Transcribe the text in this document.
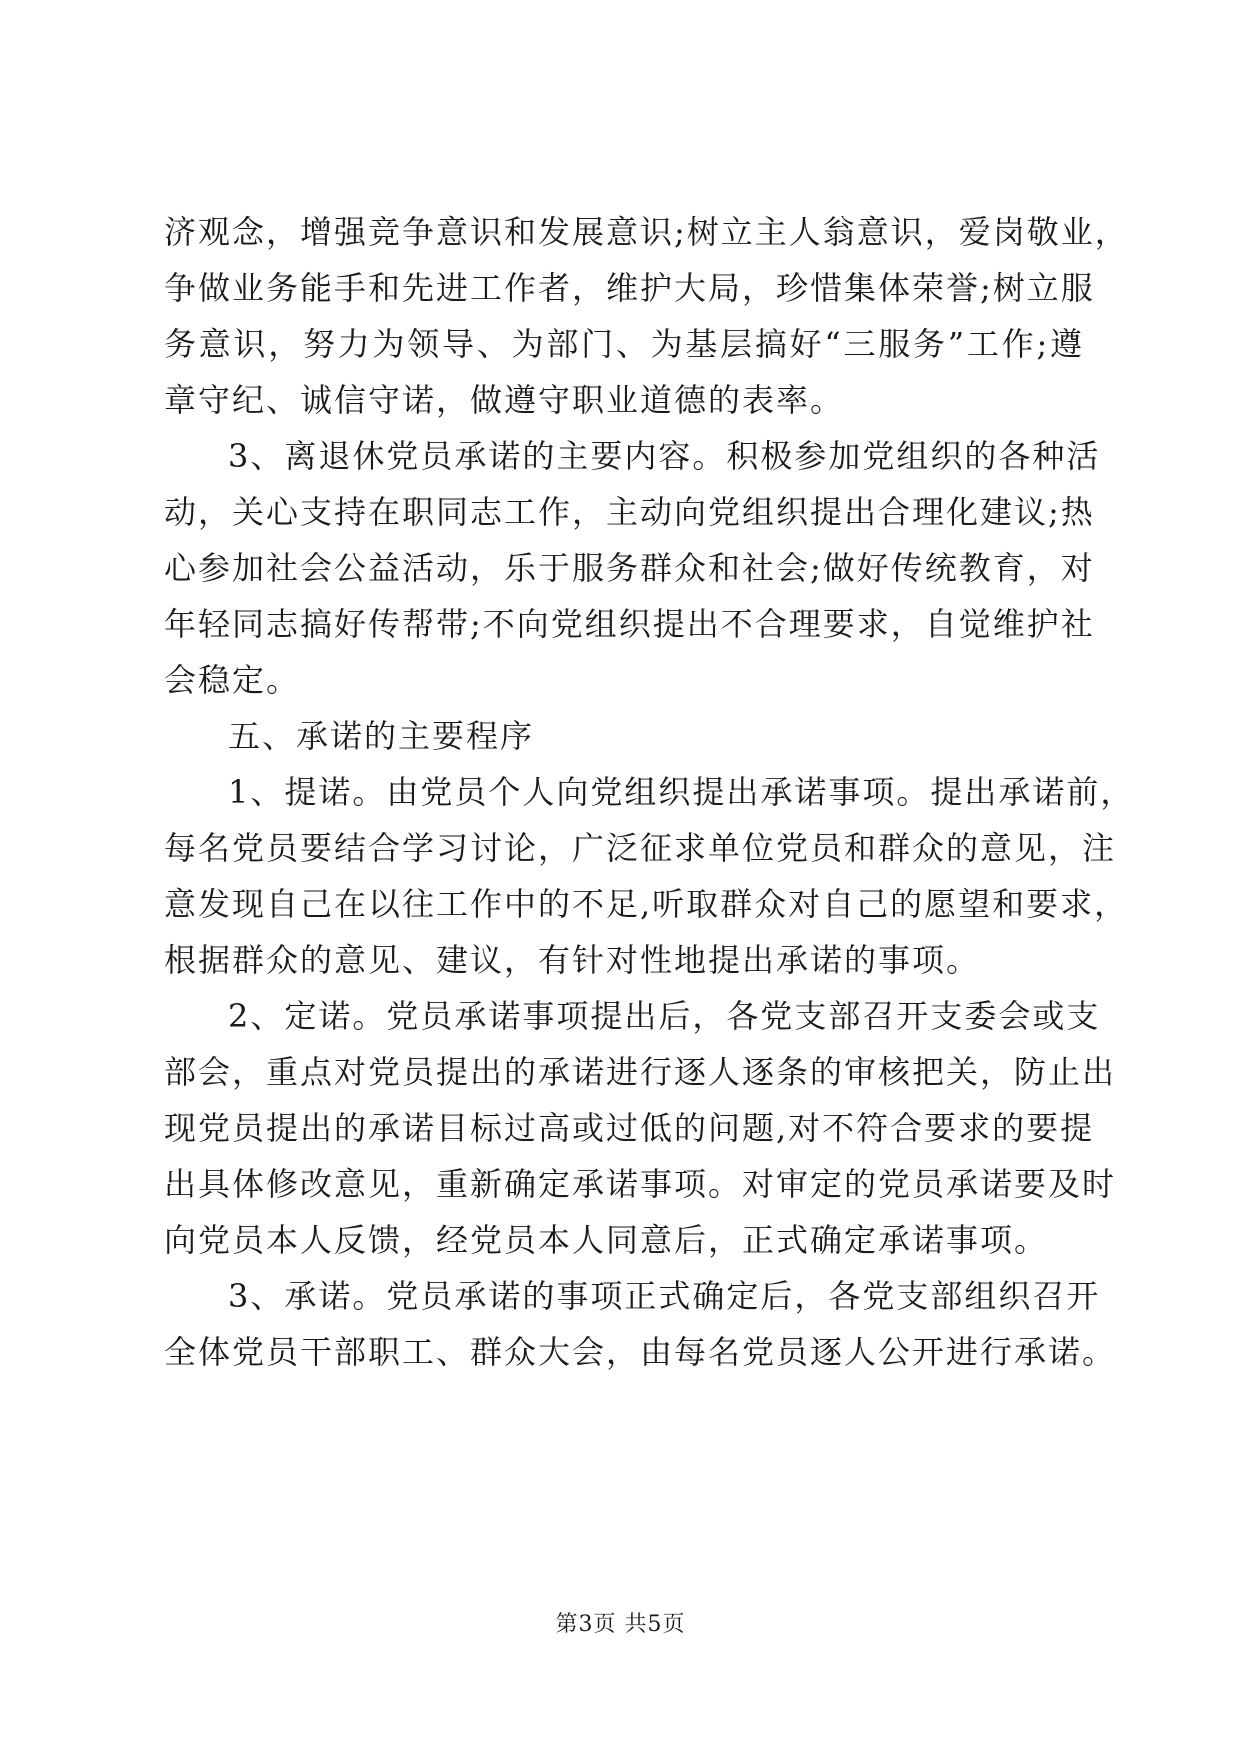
济观念，增强竞争意识和发展意识;树立主人翁意识，爱岗敬业，
争做业务能手和先进工作者，维护大局，珍惜集体荣誉;树立服
务意识，努力为领导、为部门、为基层搞好“三服务”工作;遵
章守纪、诚信守诺，做遵守职业道德的表率。
3、离退休党员承诺的主要内容。积极参加党组织的各种活
动，关心支持在职同志工作，主动向党组织提出合理化建议;热
心参加社会公益活动，乐于服务群众和社会;做好传统教育，对
年轻同志搞好传帮带;不向党组织提出不合理要求，自觉维护社
会稳定。
五、承诺的主要程序
1、提诺。由党员个人向党组织提出承诺事项。提出承诺前，
每名党员要结合学习讨论，广泛征求单位党员和群众的意见，注
意发现自己在以往工作中的不足,听取群众对自己的愿望和要求，
根据群众的意见、建议，有针对性地提出承诺的事项。
2、定诺。党员承诺事项提出后，各党支部召开支委会或支
部会，重点对党员提出的承诺进行逐人逐条的审核把关，防止出
现党员提出的承诺目标过高或过低的问题,对不符合要求的要提
出具体修改意见，重新确定承诺事项。对审定的党员承诺要及时
向党员本人反馈，经党员本人同意后，正式确定承诺事项。
3、承诺。党员承诺的事项正式确定后，各党支部组织召开
全体党员干部职工、群众大会，由每名党员逐人公开进行承诺。
第3页 共5页
